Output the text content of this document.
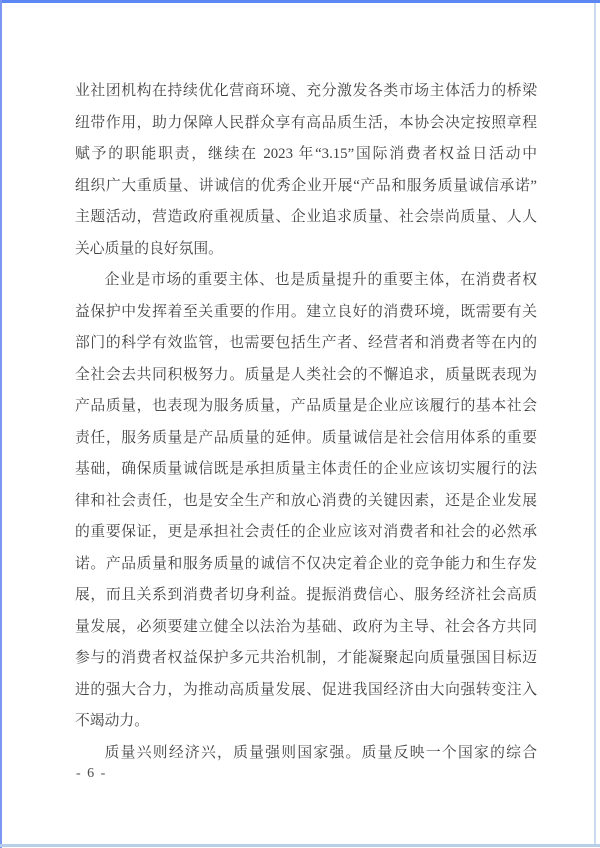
业社团机构在持续优化营商环境、充分激发各类市场主体活力的桥梁
纽带作用，助力保障人民群众享有高品质生活，本协会决定按照章程
赋予的职能职责，继续在 2023 年“3.15”国际消费者权益日活动中
组织广大重质量、讲诚信的优秀企业开展“产品和服务质量诚信承诺”
主题活动，营造政府重视质量、企业追求质量、社会崇尚质量、人人
关心质量的良好氛围。
企业是市场的重要主体、也是质量提升的重要主体，在消费者权
益保护中发挥着至关重要的作用。建立良好的消费环境，既需要有关
部门的科学有效监管，也需要包括生产者、经营者和消费者等在内的
全社会去共同积极努力。质量是人类社会的不懈追求，质量既表现为
产品质量，也表现为服务质量，产品质量是企业应该履行的基本社会
责任，服务质量是产品质量的延伸。质量诚信是社会信用体系的重要
基础，确保质量诚信既是承担质量主体责任的企业应该切实履行的法
律和社会责任，也是安全生产和放心消费的关键因素，还是企业发展
的重要保证，更是承担社会责任的企业应该对消费者和社会的必然承
诺。产品质量和服务质量的诚信不仅决定着企业的竞争能力和生存发
展，而且关系到消费者切身利益。提振消费信心、服务经济社会高质
量发展，必须要建立健全以法治为基础、政府为主导、社会各方共同
参与的消费者权益保护多元共治机制，才能凝聚起向质量强国目标迈
进的强大合力，为推动高质量发展、促进我国经济由大向强转变注入
不竭动力。
质量兴则经济兴，质量强则国家强。质量反映一个国家的综合
- 6 -
